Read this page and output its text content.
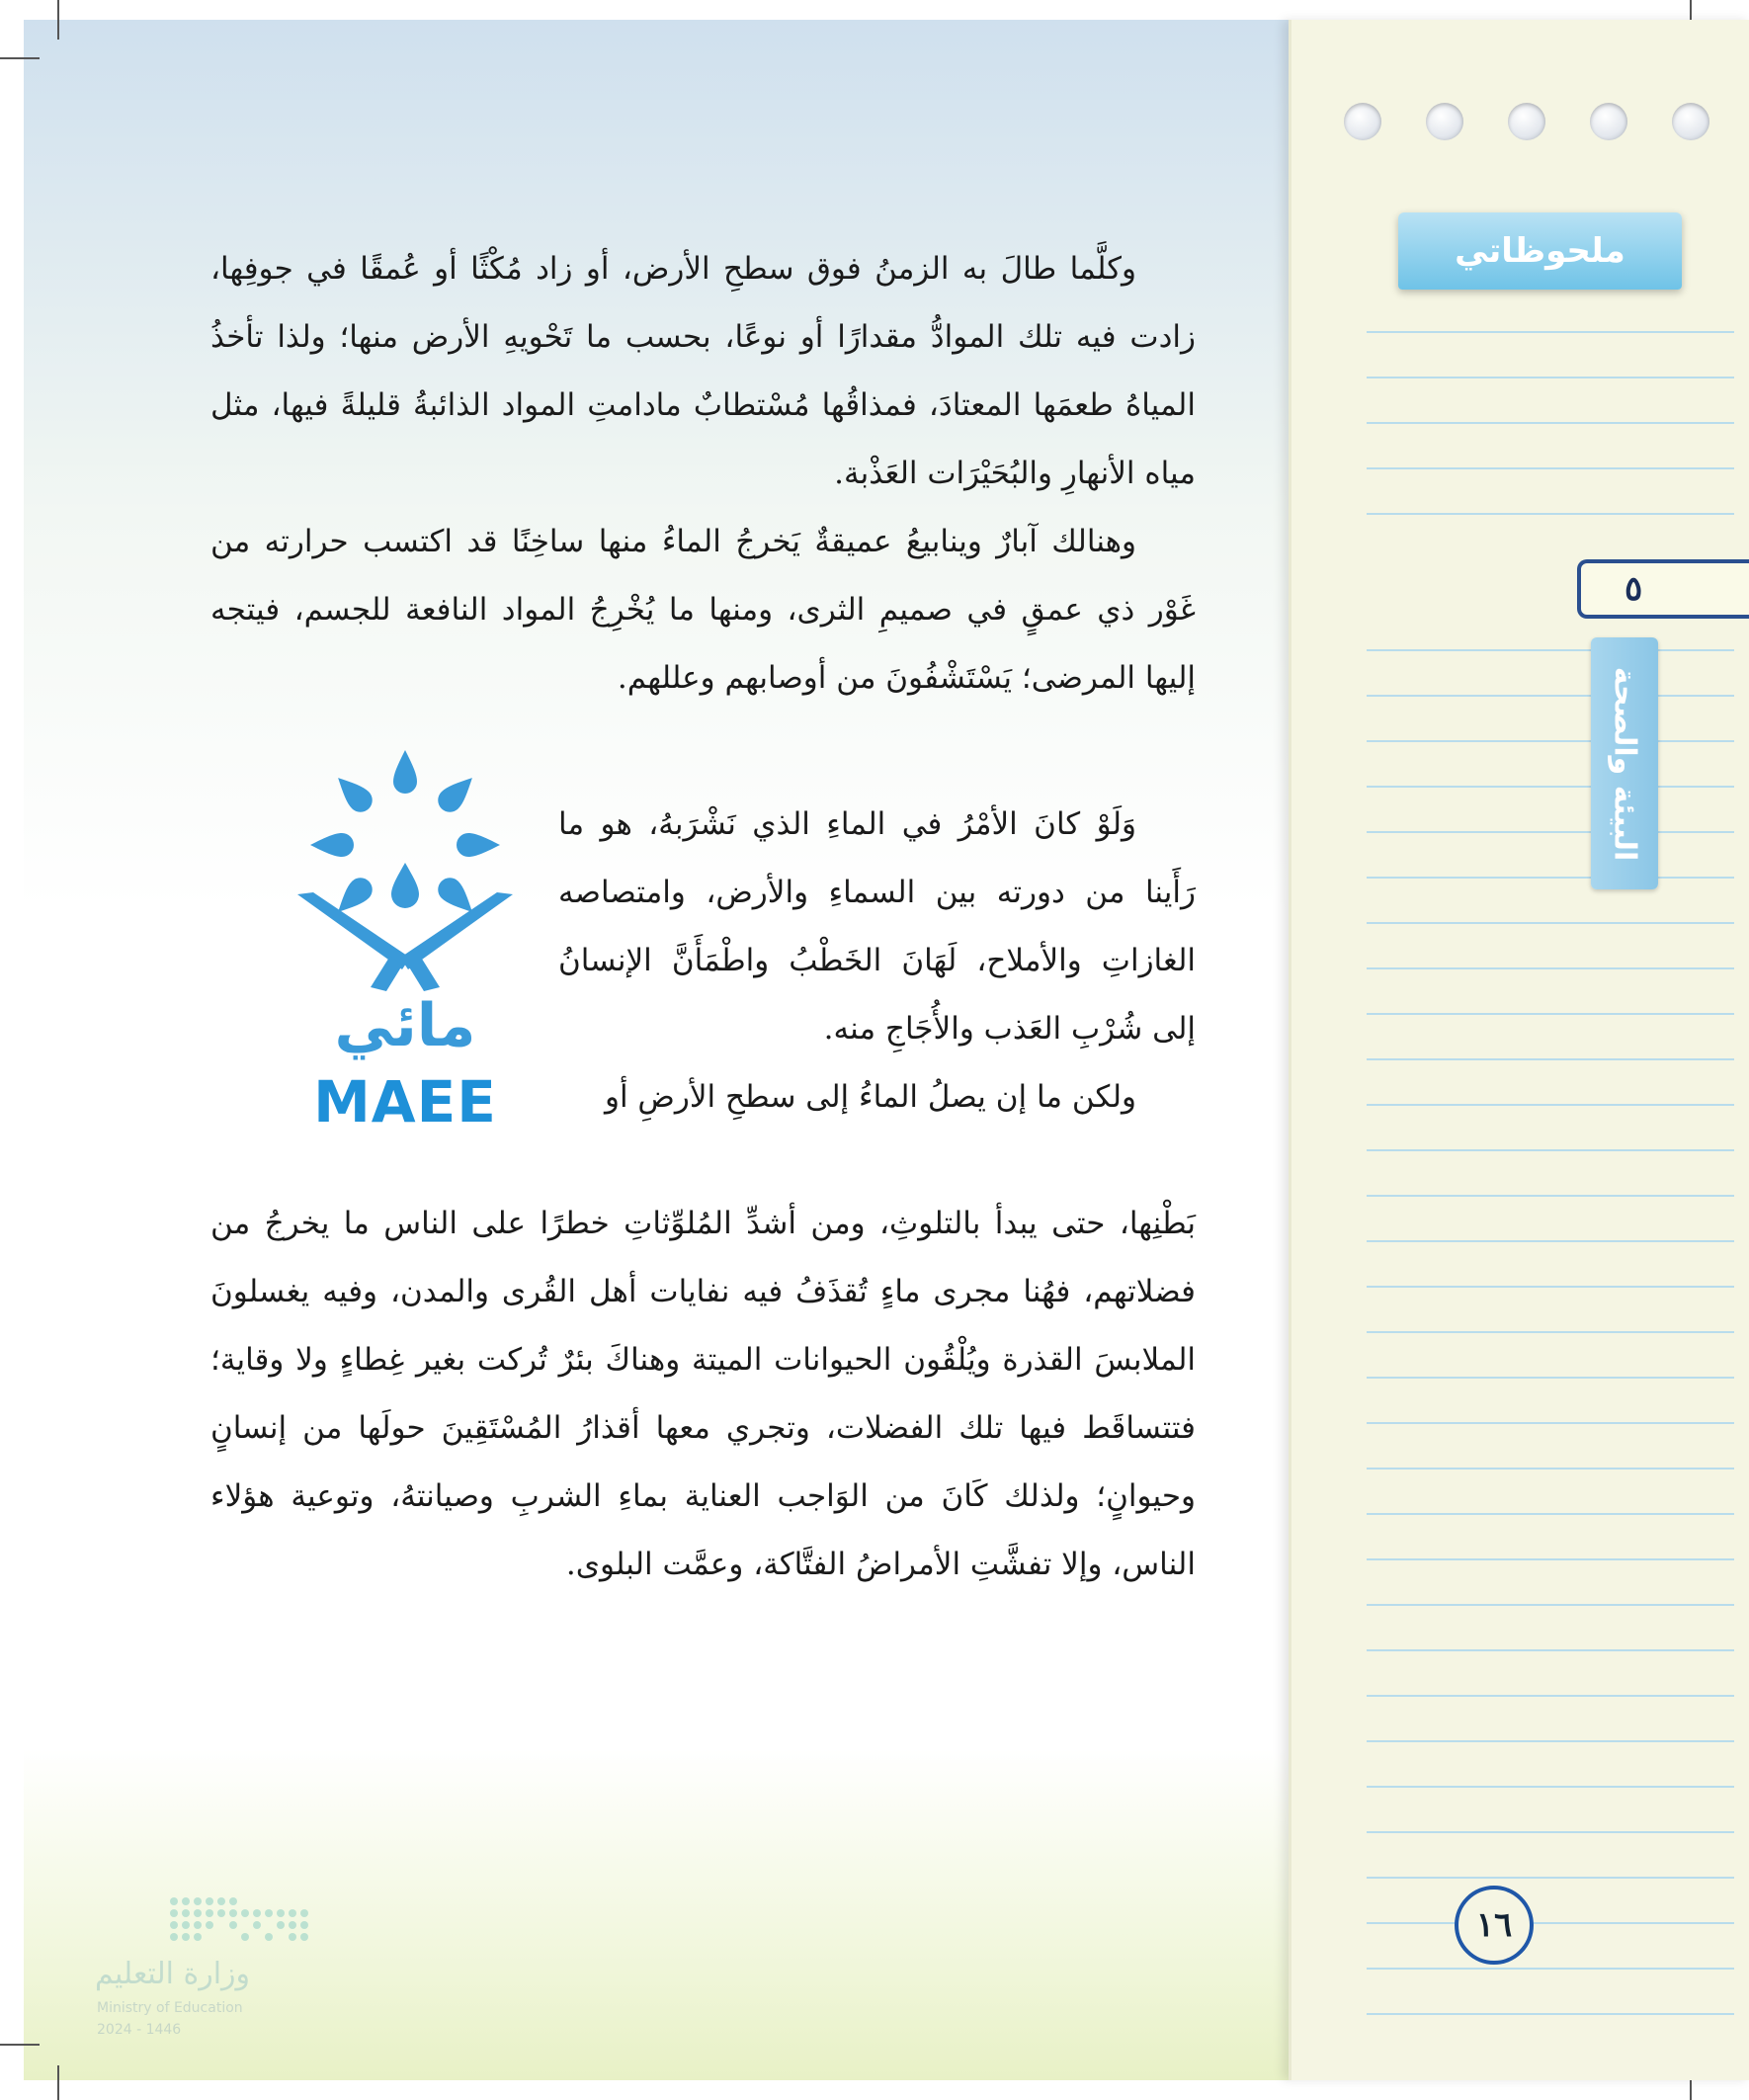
ملحوظاتي
٥
البيئة والصحة
١٦

وكلَّما طالَ به الزمنُ فوق سطحِ الأرض، أو زاد مُكْثًا أو عُمقًا في جوفِها، زادت فيه تلك الموادُّ مقدارًا أو نوعًا، بحسب ما تَحْويهِ الأرض منها؛ ولذا تأخذُ المياهُ طعمَها المعتادَ، فمذاقُها مُسْتطابٌ مادامتِ المواد الذائبةُ قليلةً فيها، مثل مياه الأنهارِ والبُحَيْرَات العَذْبة.

وهنالك آبارٌ وينابيعُ عميقةٌ يَخرجُ الماءُ منها ساخِنًا قد اكتسب حرارته من غَوْر ذي عمقٍ في صميمِ الثرى، ومنها ما يُخْرِجُ المواد النافعة للجسم، فيتجه إليها المرضى؛ يَسْتَشْفُونَ من أوصابهم وعللهم.

وَلَوْ كانَ الأمْرُ في الماءِ الذي نَشْرَبهُ، هو ما رَأَينا من دورته بين السماءِ والأرض، وامتصاصه الغازاتِ والأملاح، لَهَانَ الخَطْبُ واطْمَأَنَّ الإنسانُ إلى شُرْبِ العَذب والأُجَاجِ منه.

ولكن ما إن يصلُ الماءُ إلى سطحِ الأرضِ أو

بَطْنِها، حتى يبدأ بالتلوثِ، ومن أشدِّ المُلوِّثاتِ خطرًا على الناس ما يخرجُ من فضلاتهم، فهُنا مجرى ماءٍ تُقذَفُ فيه نفايات أهل القُرى والمدن، وفيه يغسلونَ الملابسَ القذرة ويُلْقُون الحيوانات الميتة وهناكَ بئرٌ تُركت بغير غِطاءٍ ولا وقاية؛ فتتساقَط فيها تلك الفضلات، وتجري معها أقذارُ المُسْتَقِينَ حولَها من إنسانٍ وحيوانٍ؛ ولذلك كَانَ من الوَاجب العناية بماءِ الشربِ وصيانتهُ، وتوعية هؤلاء الناس، وإلا تفشَّتِ الأمراضُ الفتَّاكة، وعمَّت البلوى.

مائي
MAEE
وزارة التعليم
Ministry of Education
2024 - 1446
